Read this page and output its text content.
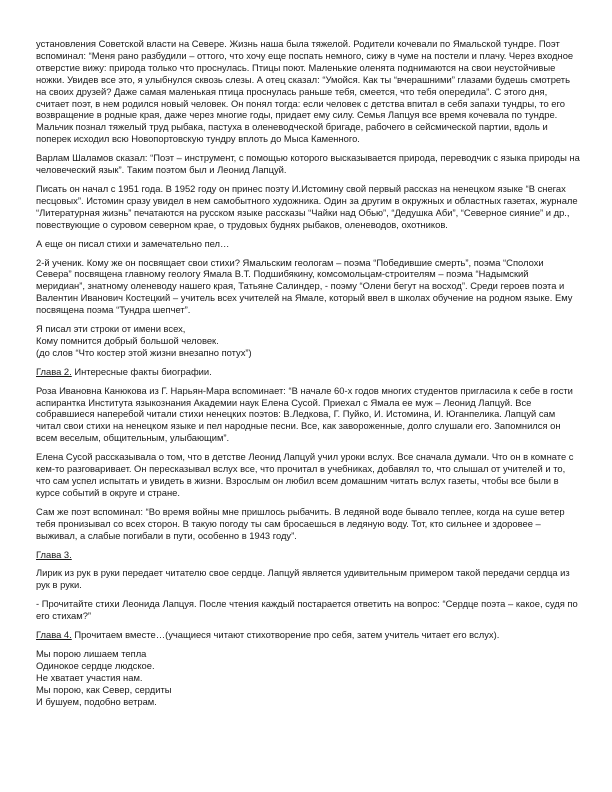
установления Советской власти на Севере. Жизнь наша была тяжелой. Родители кочевали по Ямальской тундре. Поэт вспоминал: “Меня рано разбудили – оттого, что хочу еще поспать немного, сижу в чуме на постели и плачу. Через входное отверстие вижу: природа только что проснулась. Птицы поют. Маленькие оленята поднимаются на свои неустойчивые ножки. Увидев все это, я улыбнулся сквозь слезы. А отец сказал: “Умойся. Как ты “вчерашними” глазами будешь смотреть на своих друзей? Даже самая маленькая птица проснулась раньше тебя, смеется, что тебя опередила”. С этого дня, считает поэт, в нем родился новый человек. Он понял тогда: если человек с детства впитал в себя запахи тундры, то его возвращение в родные края, даже через многие годы, придает ему силу. Семья Лапцуя все время кочевала по тундре. Мальчик познал тяжелый труд рыбака, пастуха в оленеводческой бригаде, рабочего в сейсмической партии, вдоль и поперек исходил всю Новопортовскую тундру вплоть до Мыса Каменного.

Варлам Шаламов сказал: “Поэт – инструмент, с помощью которого высказывается природа, переводчик с языка природы на человеческий язык”. Таким поэтом был и Леонид Лапцуй.

Писать он начал с 1951 года. В 1952 году он принес поэту И.Истомину свой первый рассказ на ненецком языке “В снегах песцовых”. Истомин сразу увидел в нем самобытного художника. Один за другим в окружных и областных газетах, журнале “Литературная жизнь” печатаются на русском языке рассказы “Чайки над Обью”, “Дедушка Аби”, “Северное сияние” и др., повествующие о суровом северном крае, о трудовых буднях рыбаков, оленеводов, охотников.

А еще он писал стихи и замечательно пел…

2-й ученик. Кому же он посвящает свои стихи? Ямальским геологам – поэма “Победившие смерть”, поэма “Сполохи Севера” посвящена главному геологу Ямала В.Т. Подшибякину, комсомольцам-строителям – поэма “Надымский меридиан”, знатному оленеводу нашего края, Татьяне Салиндер, - поэму “Олени бегут на восход”. Среди героев поэта и Валентин Иванович Костецкий – учитель всех учителей на Ямале, который ввел в школах обучение на родном языке. Ему посвящена поэма “Тундра шепчет”.

Я писал эти строки от имени всех,
Кому помнится добрый большой человек.
(до слов “Что костер этой жизни внезапно потух”)

Глава 2. Интересные факты биографии.

Роза Ивановна Канюкова из Г. Нарьян-Мара вспоминает: “В начале 60-х годов многих студентов пригласила к себе в гости аспирантка Института языкознания Академии наук Елена Сусой. Приехал с Ямала ее муж – Леонид Лапцуй. Все собравшиеся наперебой читали стихи ненецких поэтов: В.Ледкова, Г. Пуйко, И. Истомина, И. Юганпелика. Лапцуй сам читал свои стихи на ненецком языке и пел народные песни. Все, как завороженные, долго слушали его. Запомнился он всем веселым, общительным, улыбающим”.

Елена Сусой рассказывала о том, что в детстве Леонид Лапцуй учил уроки вслух. Все сначала думали. Что он в комнате с кем-то разговаривает. Он пересказывал вслух все, что прочитал в учебниках, добавлял то, что слышал от учителей и то, что сам успел испытать и увидеть в жизни. Взрослым он любил всем домашним читать вслух газеты, чтобы все были в курсе событий в округе и стране.

Сам же поэт вспоминал: “Во время войны мне пришлось рыбачить. В ледяной воде бывало теплее, когда на суше ветер тебя пронизывал со всех сторон. В такую погоду ты сам бросаешься в ледяную воду. Тот, кто сильнее и здоровее – выживал, а слабые погибали в пути, особенно в 1943 году”.

Глава 3.

Лирик из рук в руки передает читателю свое сердце. Лапцуй является удивительным примером такой передачи сердца из рук в руки.

- Прочитайте стихи Леонида Лапцуя. После чтения каждый постарается ответить на вопрос: “Сердце поэта – какое, судя по его стихам?”

Глава 4. Прочитаем вместе…(учащиеся читают стихотворение про себя, затем учитель читает его вслух).

Мы порою лишаем тепла
Одинокое сердце людское.
Не хватает участия нам.
Мы порою, как Север, сердиты
И бушуем, подобно ветрам.
